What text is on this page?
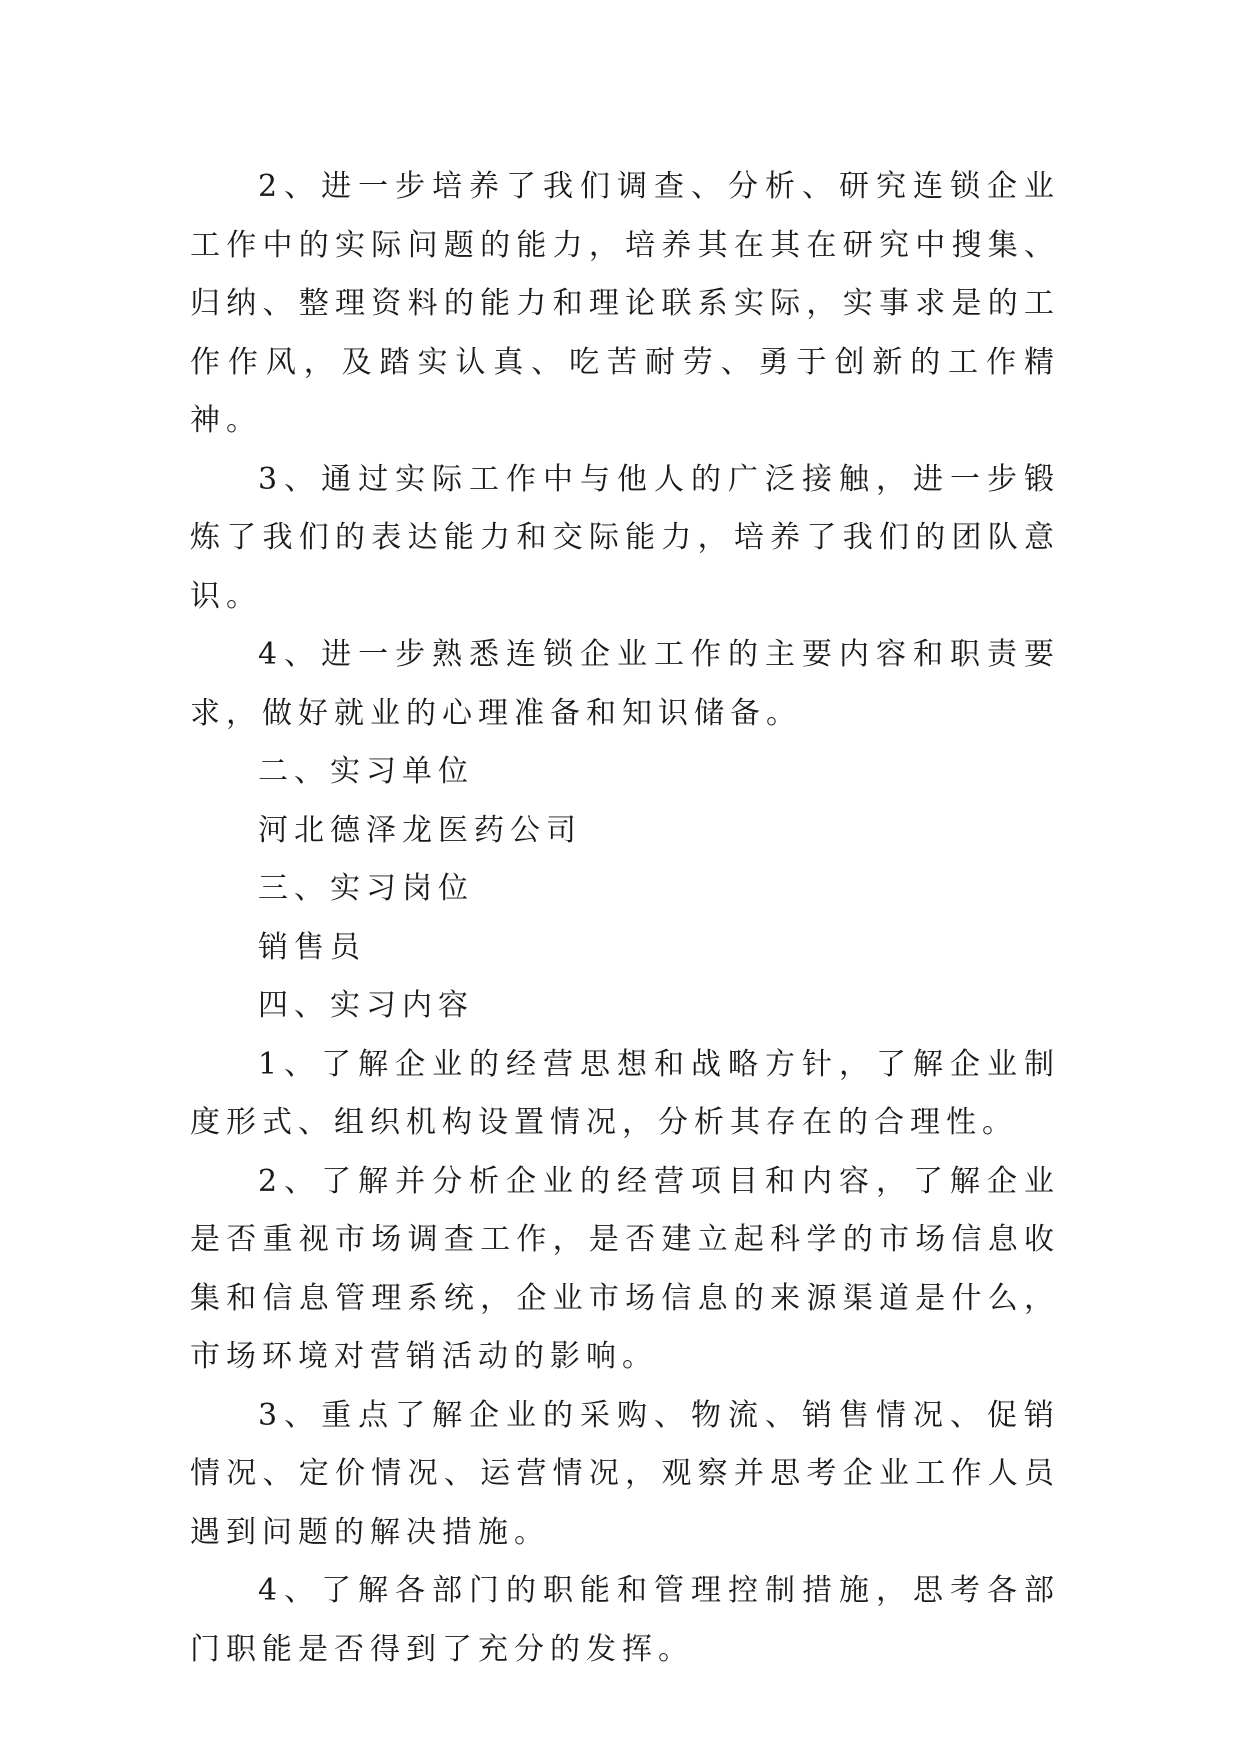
2、进一步培养了我们调查、分析、研究连锁企业工作中的实际问题的能力，培养其在其在研究中搜集、归纳、整理资料的能力和理论联系实际，实事求是的工作作风，及踏实认真、吃苦耐劳、勇于创新的工作精神。

3、通过实际工作中与他人的广泛接触，进一步锻炼了我们的表达能力和交际能力，培养了我们的团队意识。

4、进一步熟悉连锁企业工作的主要内容和职责要求，做好就业的心理准备和知识储备。

二、实习单位

河北德泽龙医药公司

三、实习岗位

销售员

四、实习内容

1、了解企业的经营思想和战略方针，了解企业制度形式、组织机构设置情况，分析其存在的合理性。

2、了解并分析企业的经营项目和内容，了解企业是否重视市场调查工作，是否建立起科学的市场信息收集和信息管理系统，企业市场信息的来源渠道是什么，市场环境对营销活动的影响。

3、重点了解企业的采购、物流、销售情况、促销情况、定价情况、运营情况，观察并思考企业工作人员遇到问题的解决措施。

4、了解各部门的职能和管理控制措施，思考各部门职能是否得到了充分的发挥。
